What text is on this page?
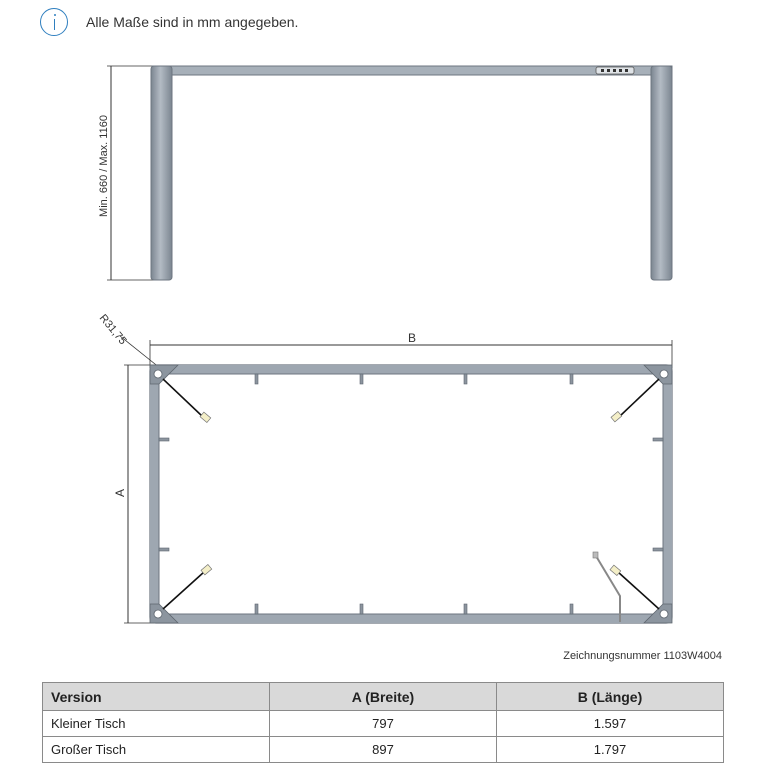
Alle Maße sind in mm angegeben.
Min. 660 / Max. 1160
B
A
R31,75
Zeichnungsnummer 1103W4004
Version	A (Breite)	B (Länge)
Kleiner Tisch	797	1.597
Großer Tisch	897	1.797
